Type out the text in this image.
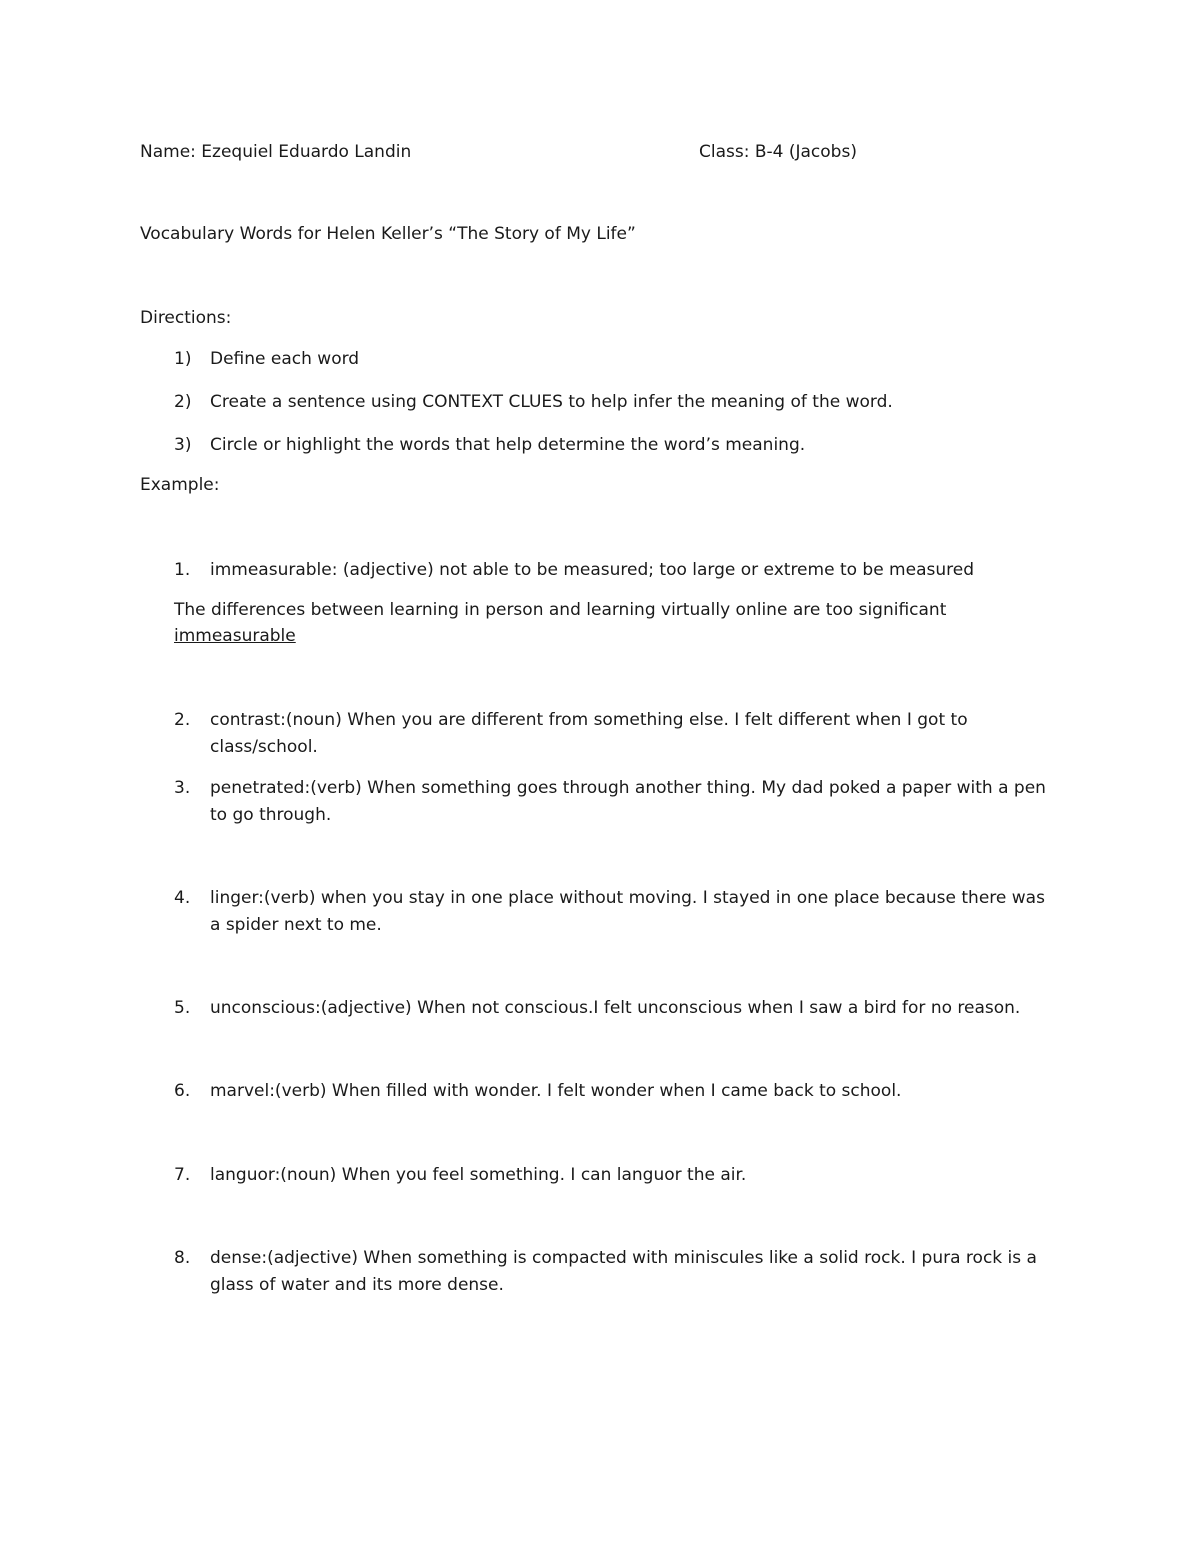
Name: Ezequiel Eduardo Landin	Class: B-4 (Jacobs)
Vocabulary Words for Helen Keller’s “The Story of My Life”
Directions:
1)	Define each word
2)	Create a sentence using CONTEXT CLUES to help infer the meaning of the word.
3)	Circle or highlight the words that help determine the word’s meaning.
Example:
1.	immeasurable: (adjective) not able to be measured; too large or extreme to be measured
The differences between learning in person and learning virtually online are too significant
immeasurable
2.	contrast:(noun) When you are different from something else. I felt different when I got to class/school.
3.	penetrated:(verb) When something goes through another thing. My dad poked a paper with a pen to go through.
4.	linger:(verb) when you stay in one place without moving. I stayed in one place because there was a spider next to me.
5.	unconscious:(adjective) When not conscious.I felt unconscious when I saw a bird for no reason.
6.	marvel:(verb) When filled with wonder. I felt wonder when I came back to school.
7.	languor:(noun) When you feel something. I can languor the air.
8.	dense:(adjective) When something is compacted with miniscules like a solid rock. I pura rock is a glass of water and its more dense.
